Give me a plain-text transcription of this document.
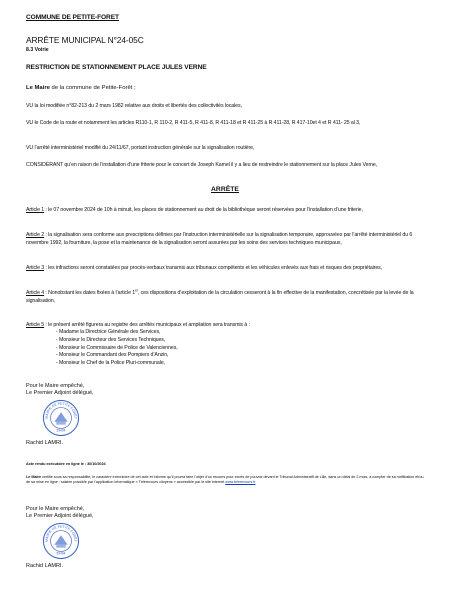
COMMUNE DE PETITE-FORET
ARRÊTE MUNICIPAL N°24-05C
8.3 Voirie
RESTRICTION DE STATIONNEMENT PLACE JULES VERNE
Le Maire de la commune de Petite-Forêt ;
VU la loi modifiée n°82-213 du 2 mars 1982 relative aux droits et libertés des collectivités locales,
VU le Code de la route et notamment les articles R110-1, R 110-2, R 411-5, R 411-8, R 411-18 et R 411-25 à R 411-28, R 417-10et 4 et R 411- 25 al 3,
VU l’arrêté interministériel modifié du 24/11/67, portant instruction générale sur la signalisation routière,
CONSIDÉRANT qu’en raison de l’installation d’une friterie pour le concert de Joseph Kamel il y a lieu de restreindre le stationnement sur la place Jules Verne,
ARRÊTE
Article 1 : le 07 novembre 2024 de 10h à minuit, les places de stationnement au droit de la bibliothèque seront réservées pour l’installation d’une friterie,
Article 2 : la signalisation sera conforme aux prescriptions définies par l’instruction interministérielle sur la signalisation temporaire, approuvées par l’arrêté interministériel du 6 novembre 1992, la fourniture, la pose et la maintenance de la signalisation seront assurées par les soins des services techniques municipaux,
Article 3 : les infractions seront constatées par procès-verbaux transmis aux tribunaux compétents et les véhicules enlevés aux frais et risques des propriétaires,
Article 4 : Nonobstant les dates fixées à l’article 1er, ces dispositions d’exploitation de la circulation cesseront à la fin effective de la manifestation, concrétisée par la levée de la signalisation,
Article 5 : le présent arrêté figurera au registre des arrêtés municipaux et ampliation sera transmis à :
- Madame la Directrice Générale des Services,
- Monsieur le Directeur des Services Techniques,
- Monsieur le Commissaire de Police de Valenciennes,
- Monsieur le Commandant des Pompiers d’Anzin,
- Monsieur le Chef de la Police Pluri-communale,
Pour le Maire empêché,
Le Premier Adjoint délégué,
MAIRIE DE PETITE-FORÊT
59494
Rachid LAMRI.
Acte rendu exécutoire en ligne le : 30/10/2024
Le Maire certifie sous sa responsabilité, le caractère exécutoire de cet acte et informe qu’il pourra faire l’objet d’un recours pour excès de pouvoir devant le Tribunal Administratif de Lille, dans un délai de 2 mois, à compter de sa notification et/ou de sa mise en ligne ; saisine possible par l’application informatique « Télérecours citoyens » accessible par le site internet www.telerecours.fr
Pour le Maire empêché,
Le Premier Adjoint délégué,
MAIRIE DE PETITE-FORÊT
59494
Rachid LAMRI.
